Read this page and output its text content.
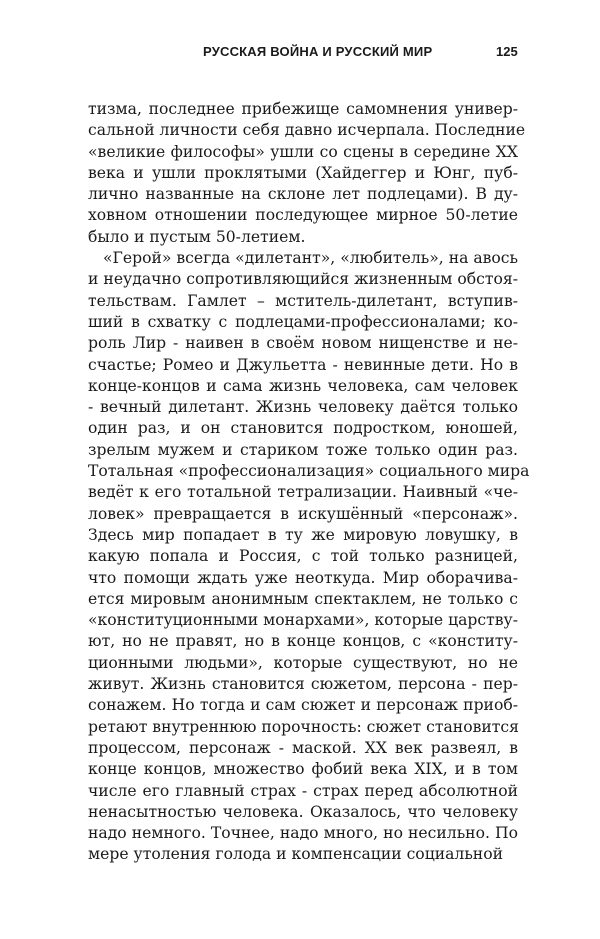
РУССКАЯ ВОЙНА И РУССКИЙ МИР	125
тизма, последнее прибежище самомнения универ-
сальной личности себя давно исчерпала. Последние
«великие философы» ушли со сцены в середине XX
века и ушли проклятыми (Хайдеггер и Юнг, пуб-
лично названные на склоне лет подлецами). В ду-
ховном отношении последующее мирное 50-летие
было и пустым 50-летием.
«Герой» всегда «дилетант», «любитель», на авось
и неудачно сопротивляющийся жизненным обстоя-
тельствам. Гамлет – мститель-дилетант, вступив-
ший в схватку с подлецами-профессионалами; ко-
роль Лир - наивен в своём новом нищенстве и не-
счастье; Ромео и Джульетта - невинные дети. Но в
конце-концов и сама жизнь человека, сам человек
- вечный дилетант. Жизнь человеку даётся только
один раз, и он становится подростком, юношей,
зрелым мужем и стариком тоже только один раз.
Тотальная «профессионализация» социального мира
ведёт к его тотальной тетрализации. Наивный «че-
ловек» превращается в искушённый «персонаж».
Здесь мир попадает в ту же мировую ловушку, в
какую попала и Россия, с той только разницей,
что помощи ждать уже неоткуда. Мир оборачива-
ется мировым анонимным спектаклем, не только с
«конституционными монархами», которые царству-
ют, но не правят, но в конце концов, с «конститу-
ционными людьми», которые существуют, но не
живут. Жизнь становится сюжетом, персона - пер-
сонажем. Но тогда и сам сюжет и персонаж приоб-
ретают внутреннюю порочность: сюжет становится
процессом, персонаж - маской. XX век развеял, в
конце концов, множество фобий века XIX, и в том
числе его главный страх - страх перед абсолютной
ненасытностью человека. Оказалось, что человеку
надо немного. Точнее, надо много, но несильно. По
мере утоления голода и компенсации социальной
